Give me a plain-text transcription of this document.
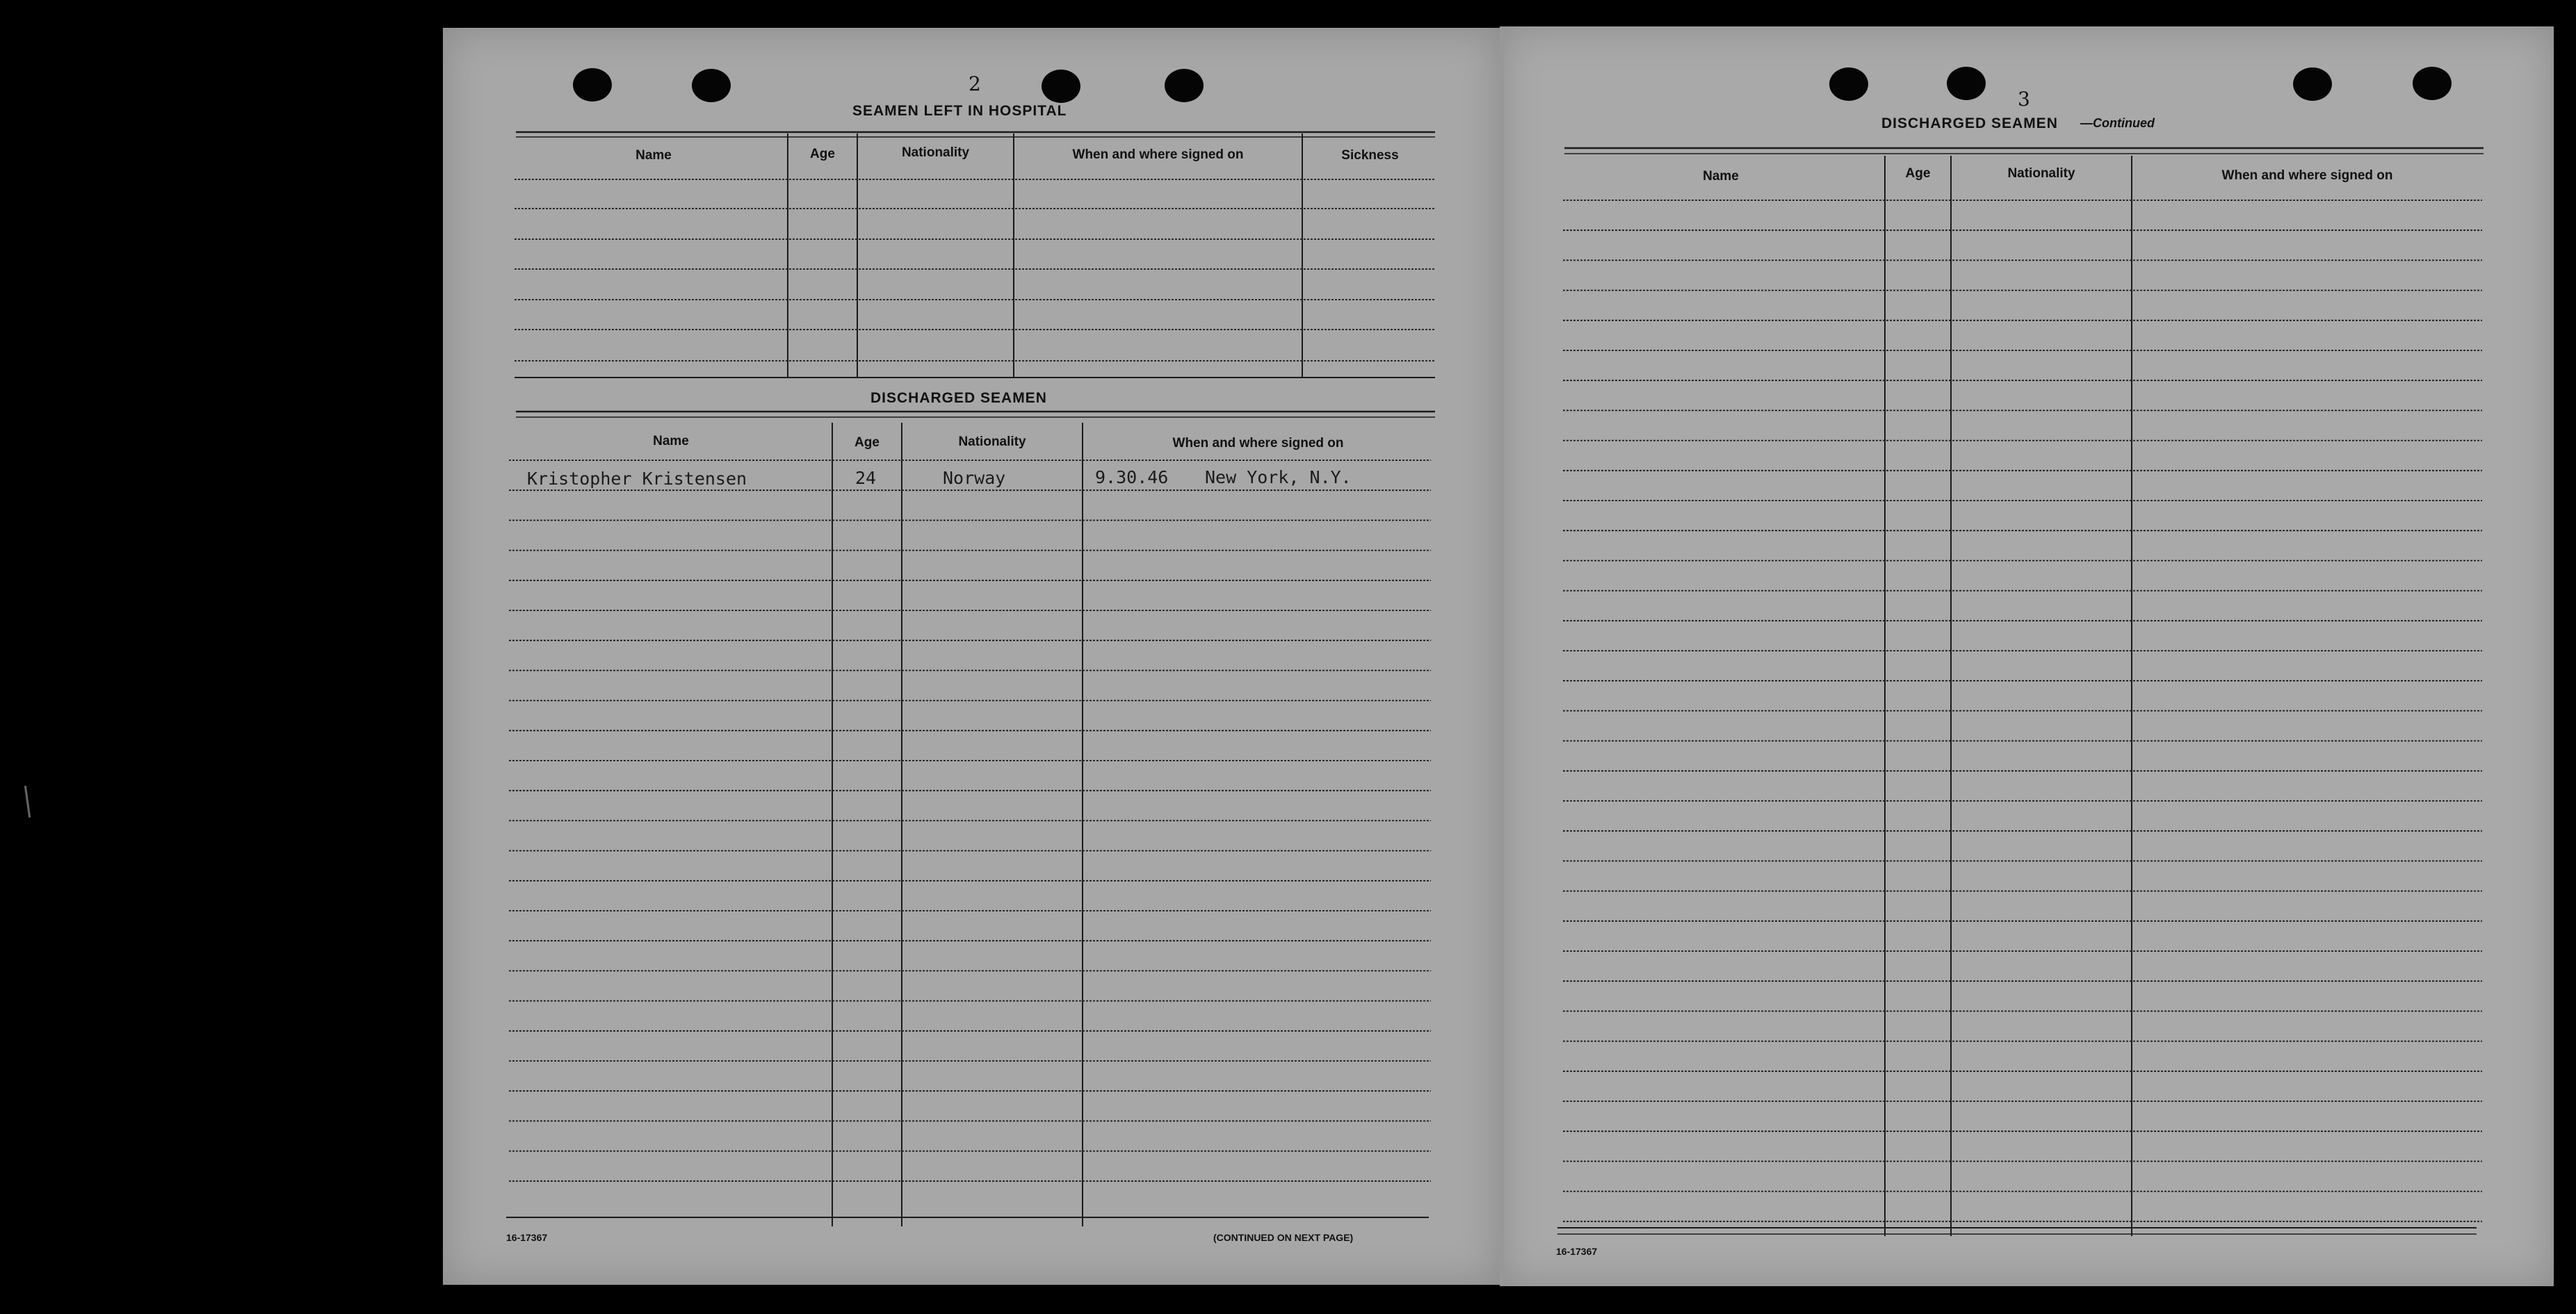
2
SEAMEN LEFT IN HOSPITAL
Name	Age	Nationality	When and where signed on	Sickness
DISCHARGED SEAMEN
Name	Age	Nationality	When and where signed on
Kristopher Kristensen	24	Norway	9.30.46 New York, N.Y.
16-17367	(CONTINUED ON NEXT PAGE)
3
DISCHARGED SEAMEN —Continued
Name	Age	Nationality	When and where signed on
16-17367
